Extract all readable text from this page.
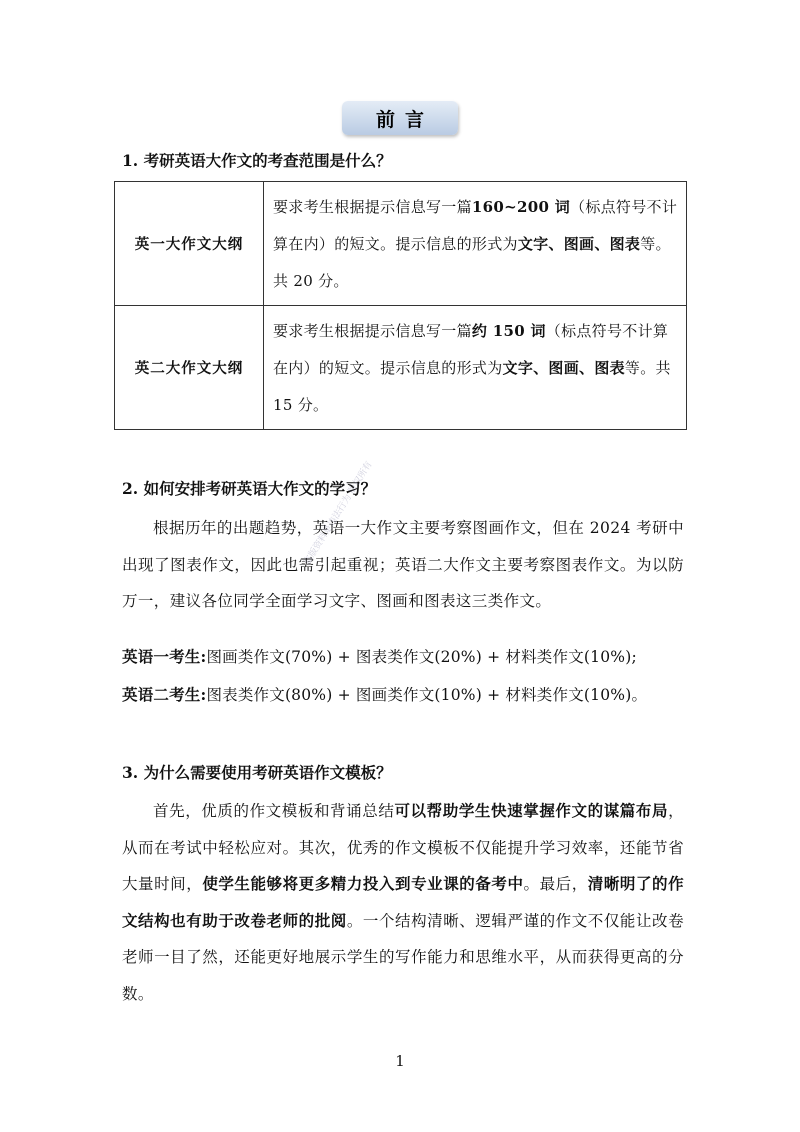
前言
1. 考研英语大作文的考查范围是什么？
英一大作文大纲	要求考生根据提示信息写一篇160~200 词（标点符号不计算在内）的短文。提示信息的形式为文字、图画、图表等。共 20 分。
英二大作文大纲	要求考生根据提示信息写一篇约 150 词（标点符号不计算在内）的短文。提示信息的形式为文字、图画、图表等。共 15 分。
2. 如何安排考研英语大作文的学习？

根据历年的出题趋势，英语一大作文主要考察图画作文，但在 2024 考研中出现了图表作文，因此也需引起重视；英语二大作文主要考察图表作文。为以防万一，建议各位同学全面学习文字、图画和图表这三类作文。

英语一考生:图画类作文(70%) + 图表类作文(20%) + 材料类作文(10%);

英语二考生:图表类作文(80%) + 图画类作文(10%) + 材料类作文(10%)。

3. 为什么需要使用考研英语作文模板？

首先，优质的作文模板和背诵总结可以帮助学生快速掌握作文的谋篇布局，从而在考试中轻松应对。其次，优秀的作文模板不仅能提升学习效率，还能节省大量时间，使学生能够将更多精力投入到专业课的备考中。最后，清晰明了的作文结构也有助于改卷老师的批阅。一个结构清晰、逻辑严谨的作文不仅能让改卷老师一目了然，还能更好地展示学生的写作能力和思维水平，从而获得更高的分数。

盗版资料是违法行为 版权所有
1
